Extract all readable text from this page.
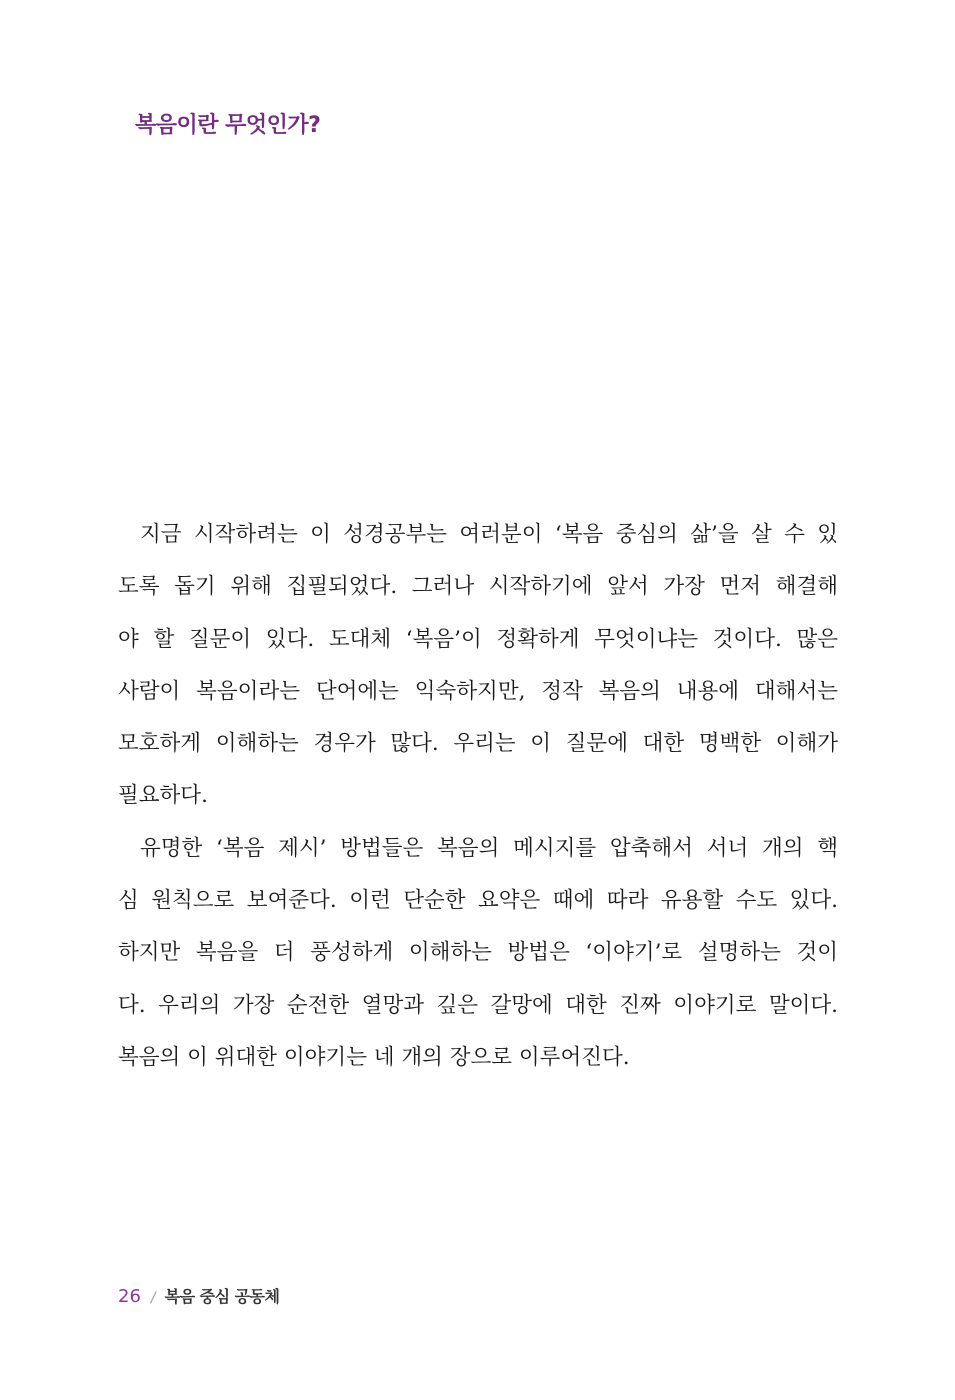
복음이란 무엇인가?
지금 시작하려는 이 성경공부는 여러분이 ‘복음 중심의 삶’을 살 수 있
도록 돕기 위해 집필되었다. 그러나 시작하기에 앞서 가장 먼저 해결해
야 할 질문이 있다. 도대체 ‘복음’이 정확하게 무엇이냐는 것이다. 많은
사람이 복음이라는 단어에는 익숙하지만, 정작 복음의 내용에 대해서는
모호하게 이해하는 경우가 많다. 우리는 이 질문에 대한 명백한 이해가
필요하다.
유명한 ‘복음 제시’ 방법들은 복음의 메시지를 압축해서 서너 개의 핵
심 원칙으로 보여준다. 이런 단순한 요약은 때에 따라 유용할 수도 있다.
하지만 복음을 더 풍성하게 이해하는 방법은 ‘이야기’로 설명하는 것이
다. 우리의 가장 순전한 열망과 깊은 갈망에 대한 진짜 이야기로 말이다.
복음의 이 위대한 이야기는 네 개의 장으로 이루어진다.
26 / 복음 중심 공동체
